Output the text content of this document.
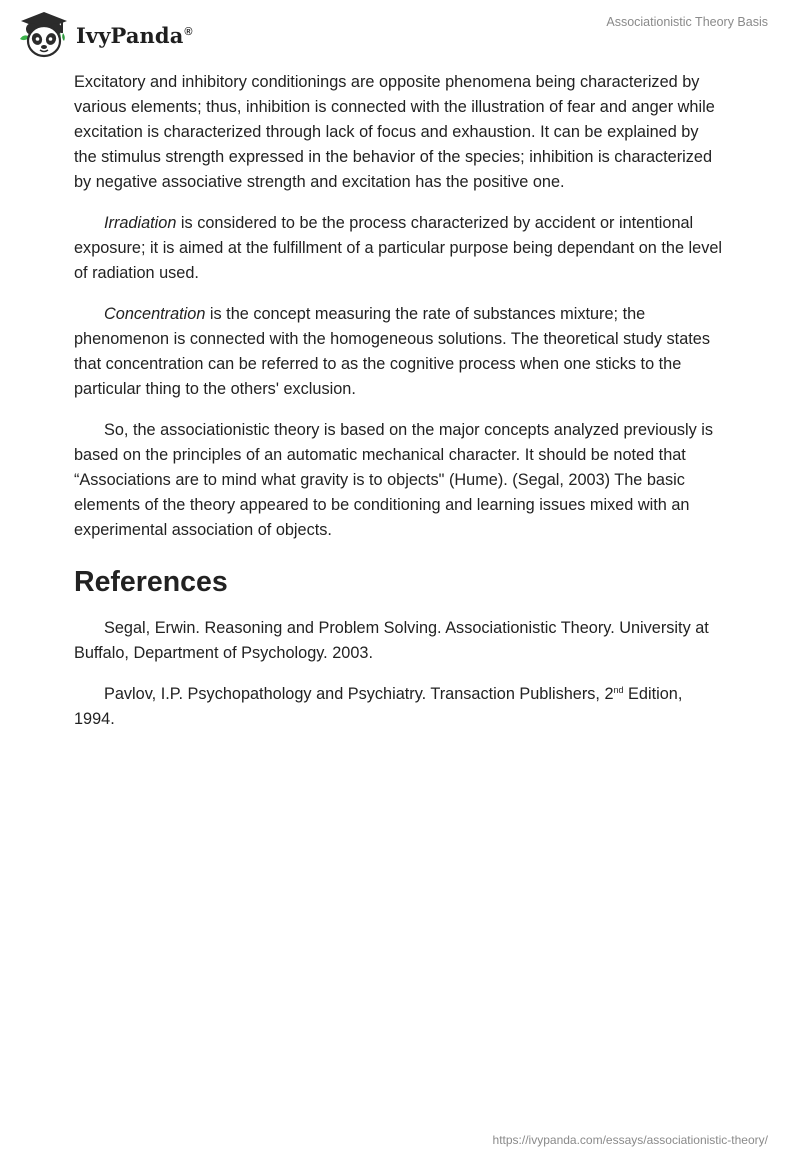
IvyPanda®
Associationistic Theory Basis

Excitatory and inhibitory conditionings are opposite phenomena being characterized by various elements; thus, inhibition is connected with the illustration of fear and anger while excitation is characterized through lack of focus and exhaustion. It can be explained by the stimulus strength expressed in the behavior of the species; inhibition is characterized by negative associative strength and excitation has the positive one.

Irradiation is considered to be the process characterized by accident or intentional exposure; it is aimed at the fulfillment of a particular purpose being dependant on the level of radiation used.

Concentration is the concept measuring the rate of substances mixture; the phenomenon is connected with the homogeneous solutions. The theoretical study states that concentration can be referred to as the cognitive process when one sticks to the particular thing to the others' exclusion.

So, the associationistic theory is based on the major concepts analyzed previously is based on the principles of an automatic mechanical character. It should be noted that “Associations are to mind what gravity is to objects" (Hume). (Segal, 2003) The basic elements of the theory appeared to be conditioning and learning issues mixed with an experimental association of objects.

References

Segal, Erwin. Reasoning and Problem Solving. Associationistic Theory. University at Buffalo, Department of Psychology. 2003.

Pavlov, I.P. Psychopathology and Psychiatry. Transaction Publishers, 2nd Edition, 1994.

https://ivypanda.com/essays/associationistic-theory/
